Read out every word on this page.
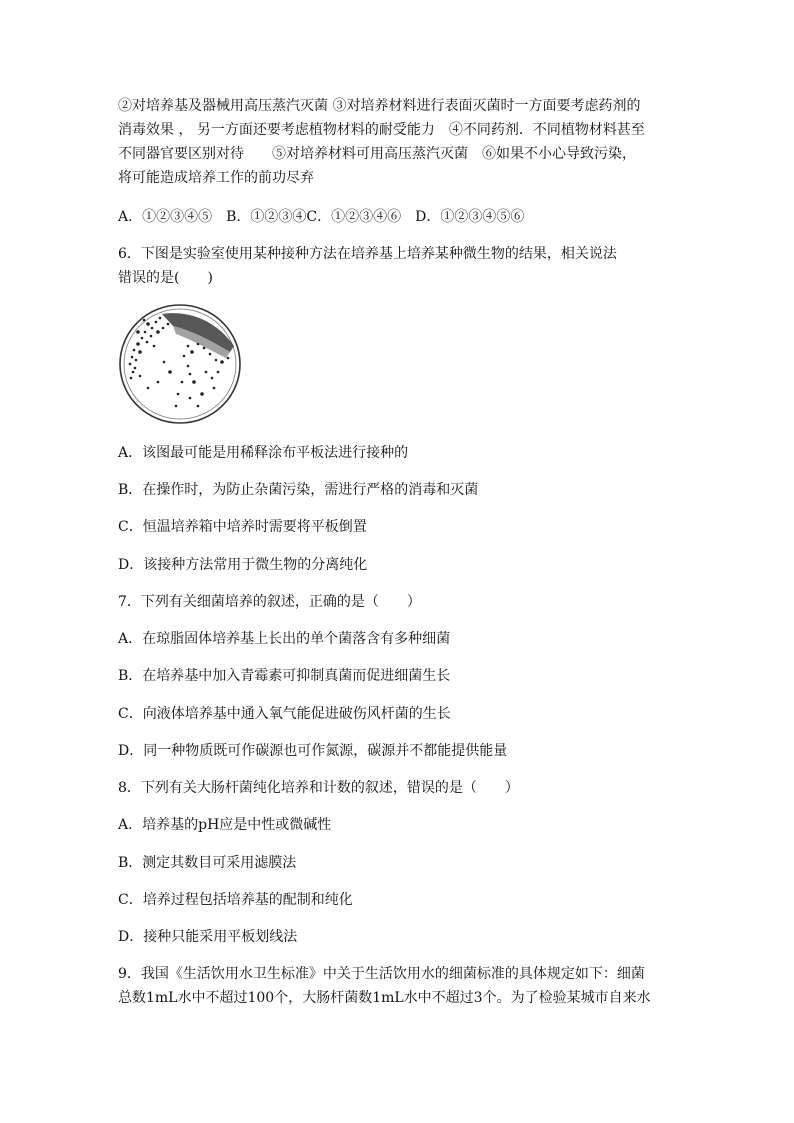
②对培养基及器械用高压蒸汽灭菌 ③对培养材料进行表面灭菌时一方面要考虑药剂的
消毒效果 ， 另一方面还要考虑植物材料的耐受能力　④不同药剂．不同植物材料甚至
不同器官要区别对待　　⑤对培养材料可用高压蒸汽灭菌　⑥如果不小心导致污染，
将可能造成培养工作的前功尽弃
A．①②③④⑤　B．①②③④C．①②③④⑥　D．①②③④⑤⑥
6．下图是实验室使用某种接种方法在培养基上培养某种微生物的结果，相关说法
错误的是(　　)
A．该图最可能是用稀释涂布平板法进行接种的
B．在操作时，为防止杂菌污染，需进行严格的消毒和灭菌
C．恒温培养箱中培养时需要将平板倒置
D．该接种方法常用于微生物的分离纯化
7．下列有关细菌培养的叙述，正确的是（　　）
A．在琼脂固体培养基上长出的单个菌落含有多种细菌
B．在培养基中加入青霉素可抑制真菌而促进细菌生长
C．向液体培养基中通入氧气能促进破伤风杆菌的生长
D．同一种物质既可作碳源也可作氮源，碳源并不都能提供能量
8．下列有关大肠杆菌纯化培养和计数的叙述，错误的是（　　）
A．培养基的pH应是中性或微碱性
B．测定其数目可采用滤膜法
C．培养过程包括培养基的配制和纯化
D．接种只能采用平板划线法
9．我国《生活饮用水卫生标准》中关于生活饮用水的细菌标准的具体规定如下：细菌
总数1mL水中不超过100个，大肠杆菌数1mL水中不超过3个。为了检验某城市自来水
